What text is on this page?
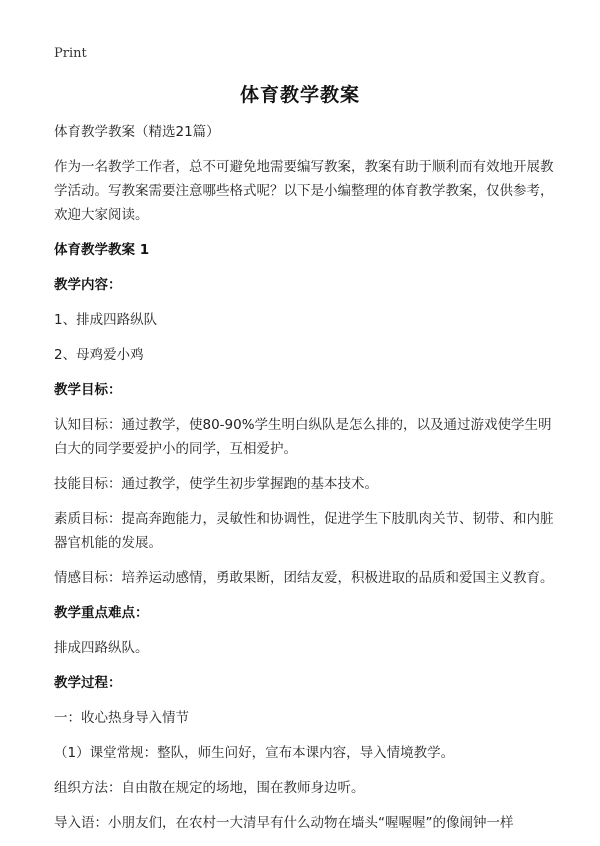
Print
体育教学教案

体育教学教案（精选21篇）

作为一名教学工作者，总不可避免地需要编写教案，教案有助于顺利而有效地开展教学活动。写教案需要注意哪些格式呢？以下是小编整理的体育教学教案，仅供参考，欢迎大家阅读。

体育教学教案 1

教学内容：

1、排成四路纵队

2、母鸡爱小鸡

教学目标：

认知目标：通过教学，使80-90%学生明白纵队是怎么排的，以及通过游戏使学生明白大的同学要爱护小的同学，互相爱护。

技能目标：通过教学，使学生初步掌握跑的基本技术。

素质目标：提高奔跑能力，灵敏性和协调性，促进学生下肢肌肉关节、韧带、和内脏器官机能的发展。

情感目标：培养运动感情，勇敢果断，团结友爱，积极进取的品质和爱国主义教育。

教学重点难点：

排成四路纵队。

教学过程：

一：收心热身导入情节

（1）课堂常规：整队，师生问好，宣布本课内容，导入情境教学。

组织方法：自由散在规定的场地，围在教师身边听。

导入语：小朋友们，在农村一大清早有什么动物在墙头“喔喔喔”的像闹钟一样
